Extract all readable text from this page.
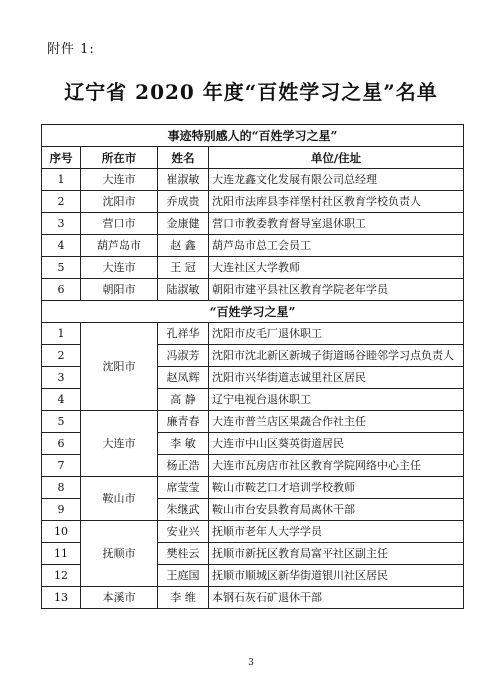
附件 1:
辽宁省 2020 年度“百姓学习之星”名单
事迹特别感人的“百姓学习之星”			
序号	所在市	姓名	单位/住址
1	大连市	崔淑敏	大连龙鑫文化发展有限公司总经理
2	沈阳市	乔成贵	沈阳市法库县李祥堡村社区教育学校负责人
3	营口市	金康健	营口市教委教育督导室退休职工
4	葫芦岛市	赵 鑫	葫芦岛市总工会员工
5	大连市	王 冠	大连社区大学教师
6	朝阳市	陆淑敏	朝阳市建平县社区教育学院老年学员
“百姓学习之星”			
1	沈阳市	孔祥华	沈阳市皮毛厂退休职工
2		冯淑芳	沈阳市沈北新区新城子街道旸谷睦邻学习点负责人
3		赵凤辉	沈阳市兴华街道志诚里社区居民
4		高 静	辽宁电视台退休职工
5	大连市	廉青春	大连市普兰店区果蔬合作社主任
6		李 敏	大连市中山区葵英街道居民
7		杨正浩	大连市瓦房店市社区教育学院网络中心主任
8	鞍山市	席莹莹	鞍山市鞍艺口才培训学校教师
9		朱继武	鞍山市台安县教育局离休干部
10	抚顺市	安业兴	抚顺市老年人大学学员
11		樊桂云	抚顺市新抚区教育局富平社区副主任
12		王庭国	抚顺市顺城区新华街道银川社区居民
13	本溪市	李 维	本钢石灰石矿退休干部
3
